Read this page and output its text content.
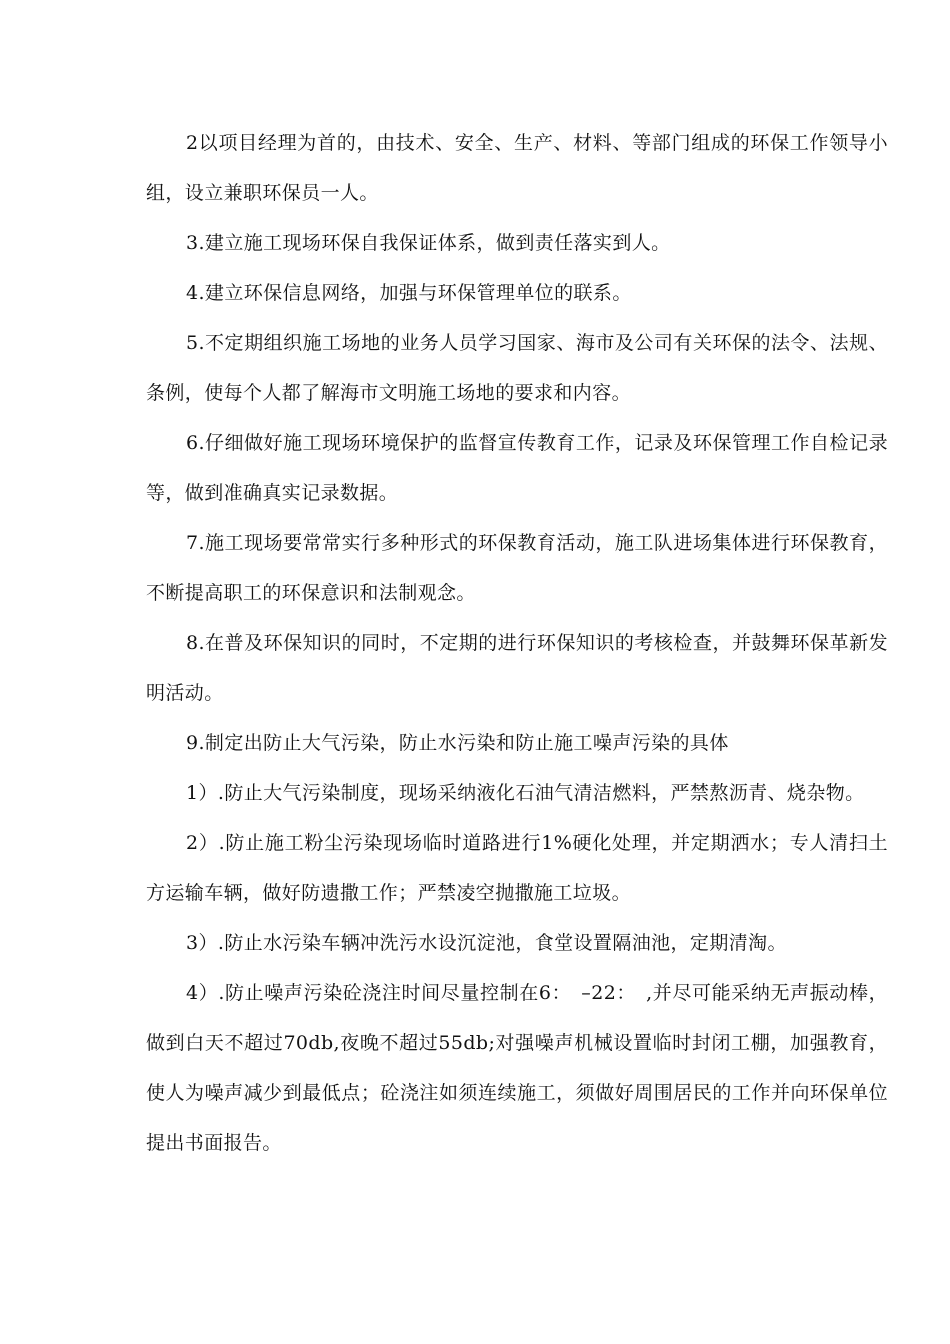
2以项目经理为首的，由技术、安全、生产、材料、等部门组成的环保工作领导小组，设立兼职环保员一人。

3.建立施工现场环保自我保证体系，做到责任落实到人。

4.建立环保信息网络，加强与环保管理单位的联系。

5.不定期组织施工场地的业务人员学习国家、海市及公司有关环保的法令、法规、条例，使每个人都了解海市文明施工场地的要求和内容。

6.仔细做好施工现场环境保护的监督宣传教育工作，记录及环保管理工作自检记录等，做到准确真实记录数据。

7.施工现场要常常实行多种形式的环保教育活动，施工队进场集体进行环保教育，不断提高职工的环保意识和法制观念。

8.在普及环保知识的同时，不定期的进行环保知识的考核检查，并鼓舞环保革新发明活动。

9.制定出防止大气污染，防止水污染和防止施工噪声污染的具体

1）.防止大气污染制度，现场采纳液化石油气清洁燃料，严禁熬沥青、烧杂物。

2）.防止施工粉尘污染现场临时道路进行1%硬化处理，并定期洒水；专人清扫土方运输车辆，做好防遗撒工作；严禁凌空抛撒施工垃圾。

3）.防止水污染车辆冲洗污水设沉淀池，食堂设置隔油池，定期清淘。

4）.防止噪声污染砼浇注时间尽量控制在6：　–22：　,并尽可能采纳无声振动棒，做到白天不超过70db,夜晚不超过55db;对强噪声机械设置临时封闭工棚，加强教育，使人为噪声减少到最低点；砼浇注如须连续施工，须做好周围居民的工作并向环保单位提出书面报告。
